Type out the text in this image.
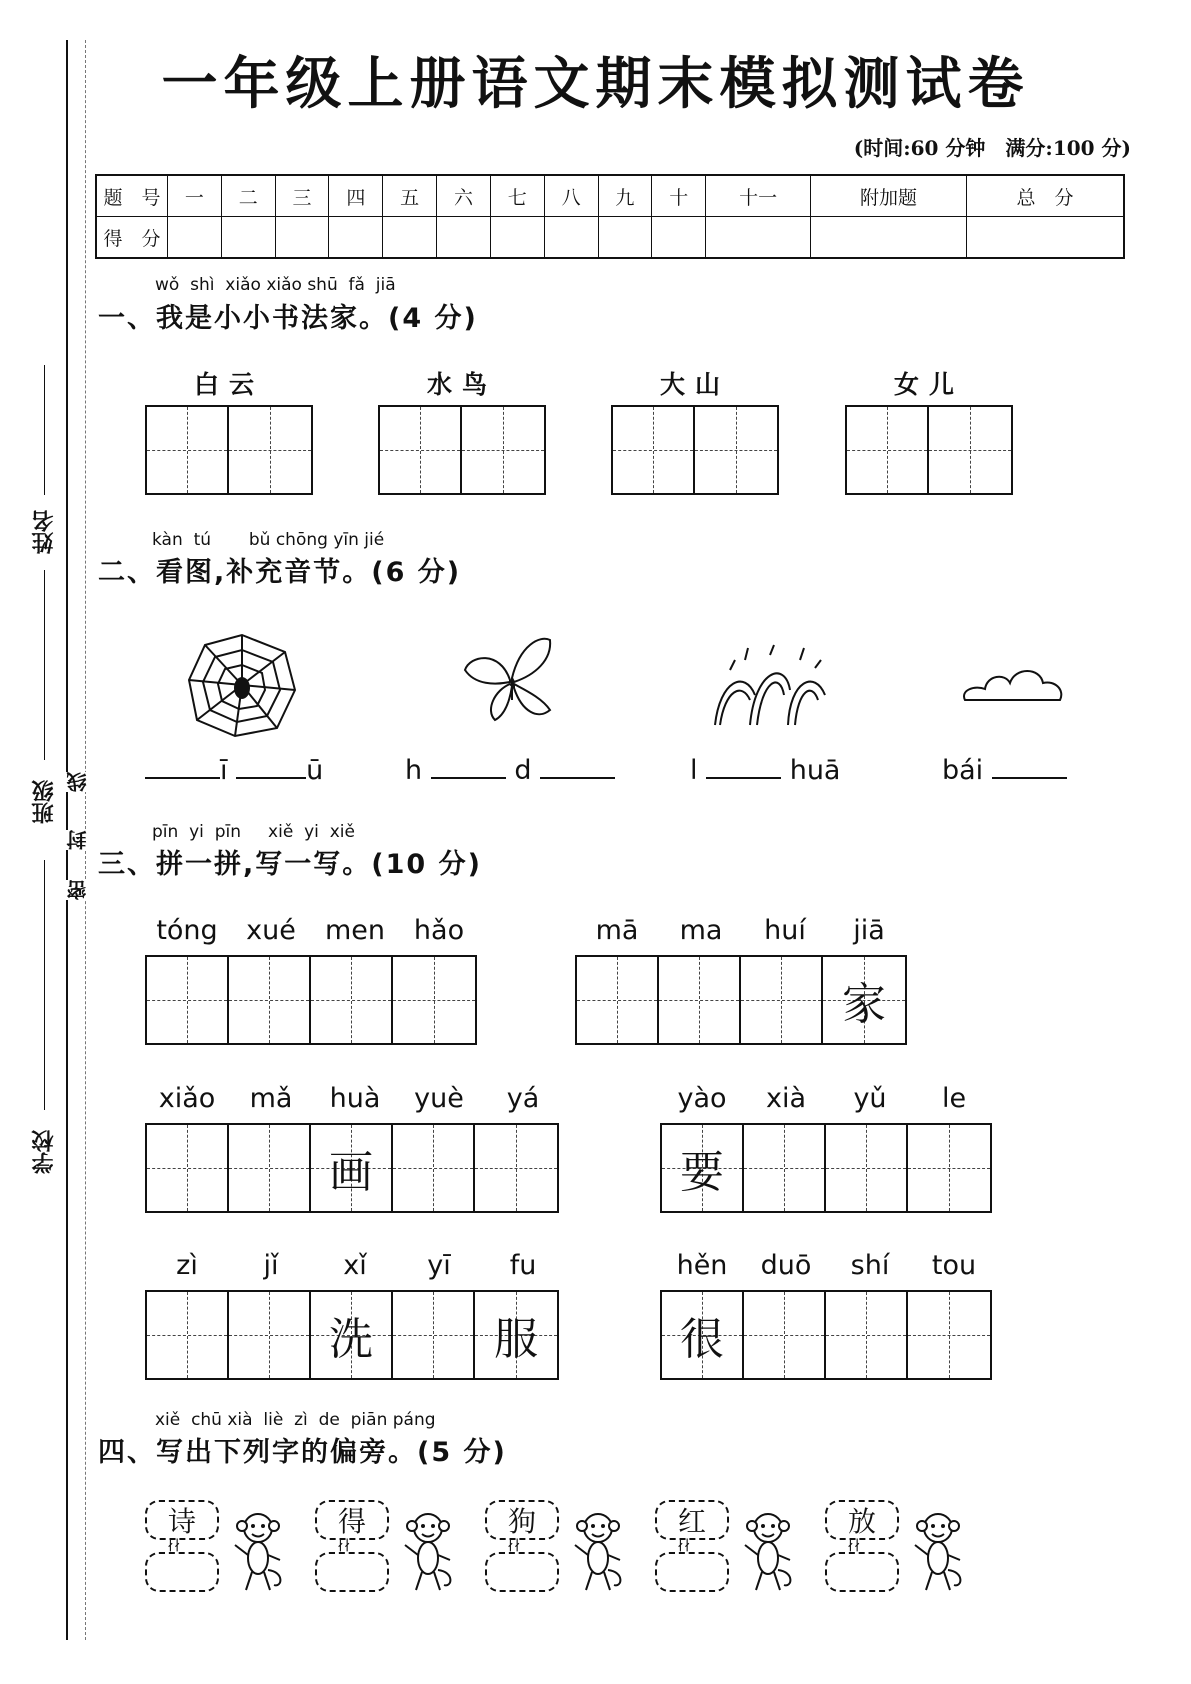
姓名
班级
学校
线
封
密
一年级上册语文期末模拟测试卷
(时间:60 分钟　满分:100 分)
题　号	一	二	三	四	五	六	七	八	九	十	十一	附加题	总　分
得　分													
wǒ shì xiǎo xiǎo shū fǎ jiā
一、我是小小书法家。(4 分)
白云	水鸟	大山	女儿
kàn tú bǔ chōng yīn jié
二、看图,补充音节。(6 分)
ī	ū	h	d	l	huā	bái
pīn yi pīn xiě yi xiě
三、拼一拼,写一写。(10 分)
tóng	xué	men	hǎo	mā	ma	huí	jiā
家
xiǎo	mǎ	huà	yuè	yá
画
yào	xià	yǔ	le
要
zì	jǐ	xǐ	yī	fu
洗	服
hěn	duō	shí	tou
很
xiě chū xià liè zì de piān páng
四、写出下列字的偏旁。(5 分)
诗
∤∤
得
∤∤
狗
∤∤
红
∤∤
放
∤∤
